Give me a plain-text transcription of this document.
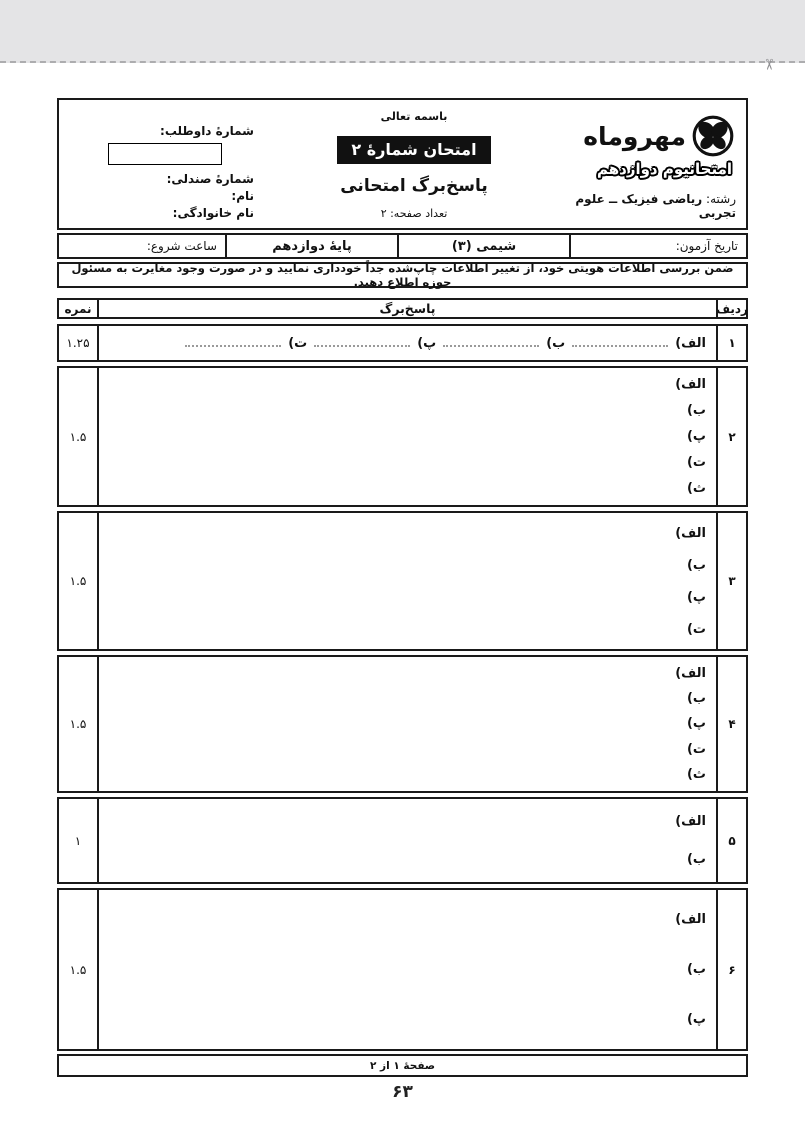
✂
مهروماه
امتحانیوم دوازدهم
رشته: ریاضی فیزیک ــ علوم تجربی
باسمه تعالی
امتحان شمارهٔ ۲
پاسخ‌برگ امتحانی
تعداد صفحه: ۲
شمارهٔ داوطلب:
شمارهٔ صندلی:
نام:
نام خانوادگی:
تاریخ آزمون:
شیمی (۳)
پایهٔ دوازدهم
ساعت شروع:
ضمن بررسی اطلاعات هویتی خود، از تغییر اطلاعات چاپ‌شده جداً خودداری نمایید و در صورت وجود مغایرت به مسئول حوزه اطلاع دهید.
ردیف
پاسخ‌برگ
نمره
۱
الف)
ب)
پ)
ت)
۱.۲۵
۲
الف)
ب)
پ)
ت)
ث)
۱.۵
۳
الف)
ب)
پ)
ت)
۱.۵
۴
الف)
ب)
پ)
ت)
ث)
۱.۵
۵
الف)
ب)
۱
۶
الف)
ب)
پ)
۱.۵
صفحهٔ ۱ از ۲
۶۳
